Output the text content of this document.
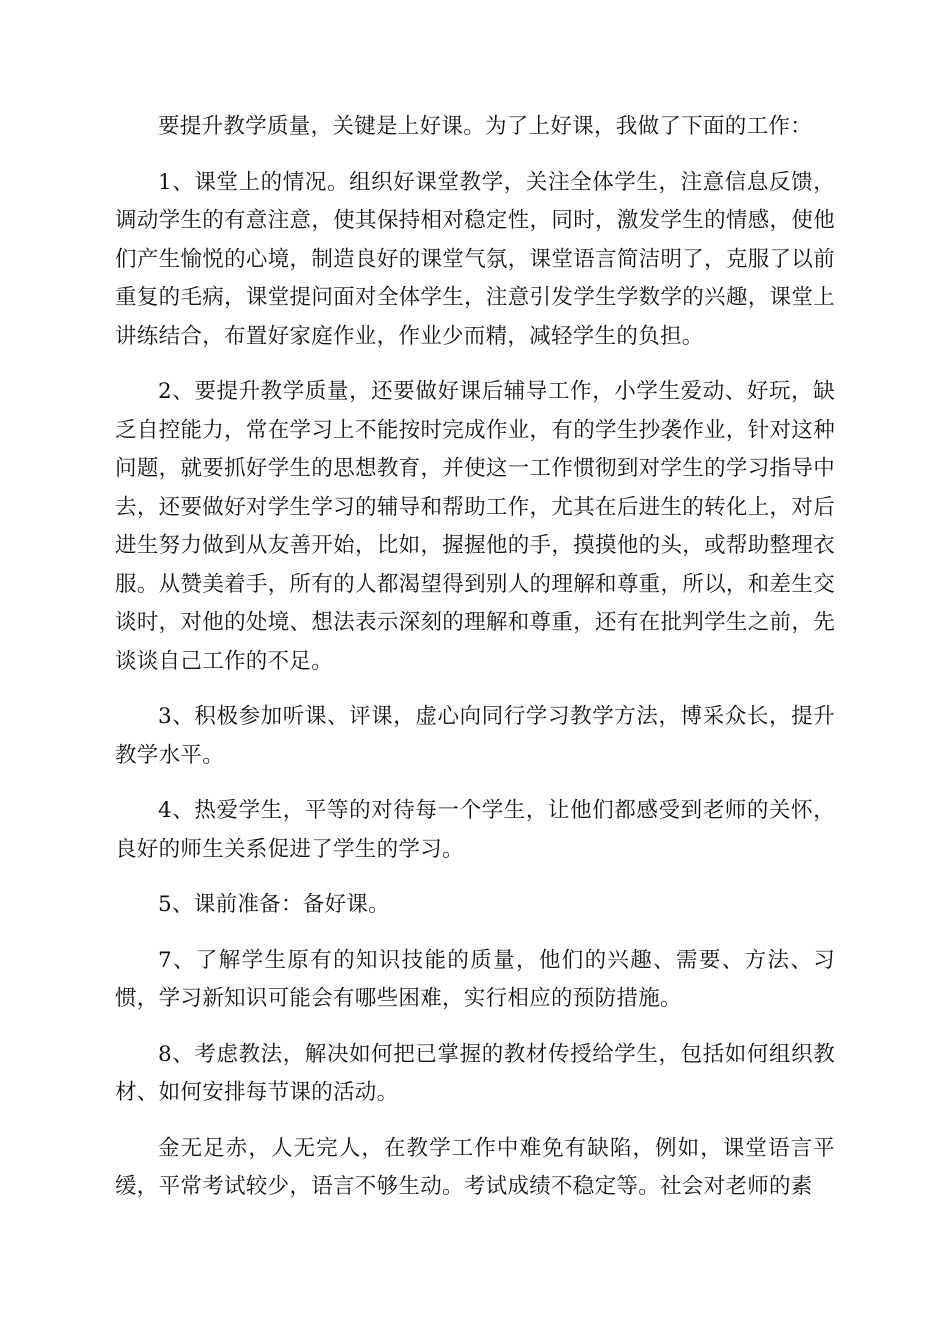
要提升教学质量，关键是上好课。为了上好课，我做了下面的工作：

1、课堂上的情况。组织好课堂教学，关注全体学生，注意信息反馈，调动学生的有意注意，使其保持相对稳定性，同时，激发学生的情感，使他们产生愉悦的心境，制造良好的课堂气氛，课堂语言简洁明了，克服了以前重复的毛病，课堂提问面对全体学生，注意引发学生学数学的兴趣，课堂上讲练结合，布置好家庭作业，作业少而精，减轻学生的负担。

2、要提升教学质量，还要做好课后辅导工作，小学生爱动、好玩，缺乏自控能力，常在学习上不能按时完成作业，有的学生抄袭作业，针对这种问题，就要抓好学生的思想教育，并使这一工作惯彻到对学生的学习指导中去，还要做好对学生学习的辅导和帮助工作，尤其在后进生的转化上，对后进生努力做到从友善开始，比如，握握他的手，摸摸他的头，或帮助整理衣服。从赞美着手，所有的人都渴望得到别人的理解和尊重，所以，和差生交谈时，对他的处境、想法表示深刻的理解和尊重，还有在批判学生之前，先谈谈自己工作的不足。

3、积极参加听课、评课，虚心向同行学习教学方法，博采众长，提升教学水平。

4、热爱学生，平等的对待每一个学生，让他们都感受到老师的关怀，良好的师生关系促进了学生的学习。

5、课前准备：备好课。

7、了解学生原有的知识技能的质量，他们的兴趣、需要、方法、习惯，学习新知识可能会有哪些困难，实行相应的预防措施。

8、考虑教法，解决如何把已掌握的教材传授给学生，包括如何组织教材、如何安排每节课的活动。

金无足赤，人无完人，在教学工作中难免有缺陷，例如，课堂语言平缓，平常考试较少，语言不够生动。考试成绩不稳定等。社会对老师的素
